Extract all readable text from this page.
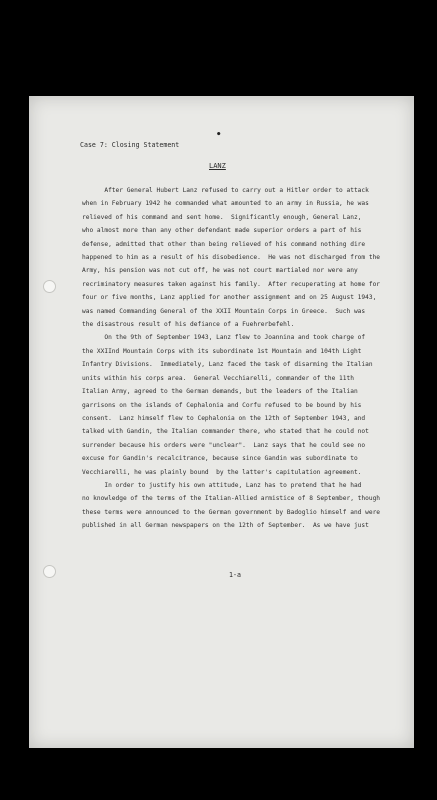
•
Case 7: Closing Statement
LANZ
After General Hubert Lanz refused to carry out a Hitler order to attack
when in February 1942 he commanded what amounted to an army in Russia, he was
relieved of his command and sent home.  Significantly enough, General Lanz,
who almost more than any other defendant made superior orders a part of his
defense, admitted that other than being relieved of his command nothing dire
happened to him as a result of his disobedience.  He was not discharged from the
Army, his pension was not cut off, he was not court martialed nor were any
recriminatory measures taken against his family.  After recuperating at home for
four or five months, Lanz applied for another assignment and on 25 August 1943,
was named Commanding General of the XXII Mountain Corps in Greece.  Such was
the disastrous result of his defiance of a Fuehrerbefehl.
On the 9th of September 1943, Lanz flew to Joannina and took charge of
the XXIInd Mountain Corps with its subordinate 1st Mountain and 104th Light
Infantry Divisions.  Immediately, Lanz faced the task of disarming the Italian
units within his corps area.  General Vecchiarelli, commander of the 11th
Italian Army, agreed to the German demands, but the leaders of the Italian
garrisons on the islands of Cephalonia and Corfu refused to be bound by his
consent.  Lanz himself flew to Cephalonia on the 12th of September 1943, and
talked with Gandin, the Italian commander there, who stated that he could not
surrender because his orders were "unclear".  Lanz says that he could see no
excuse for Gandin's recalcitrance, because since Gandin was subordinate to
Vecchiarelli, he was plainly bound  by the latter's capitulation agreement.
In order to justify his own attitude, Lanz has to pretend that he had
no knowledge of the terms of the Italian-Allied armistice of 8 September, though
these terms were announced to the German government by Badoglio himself and were
published in all German newspapers on the 12th of September.  As we have just
1-a
